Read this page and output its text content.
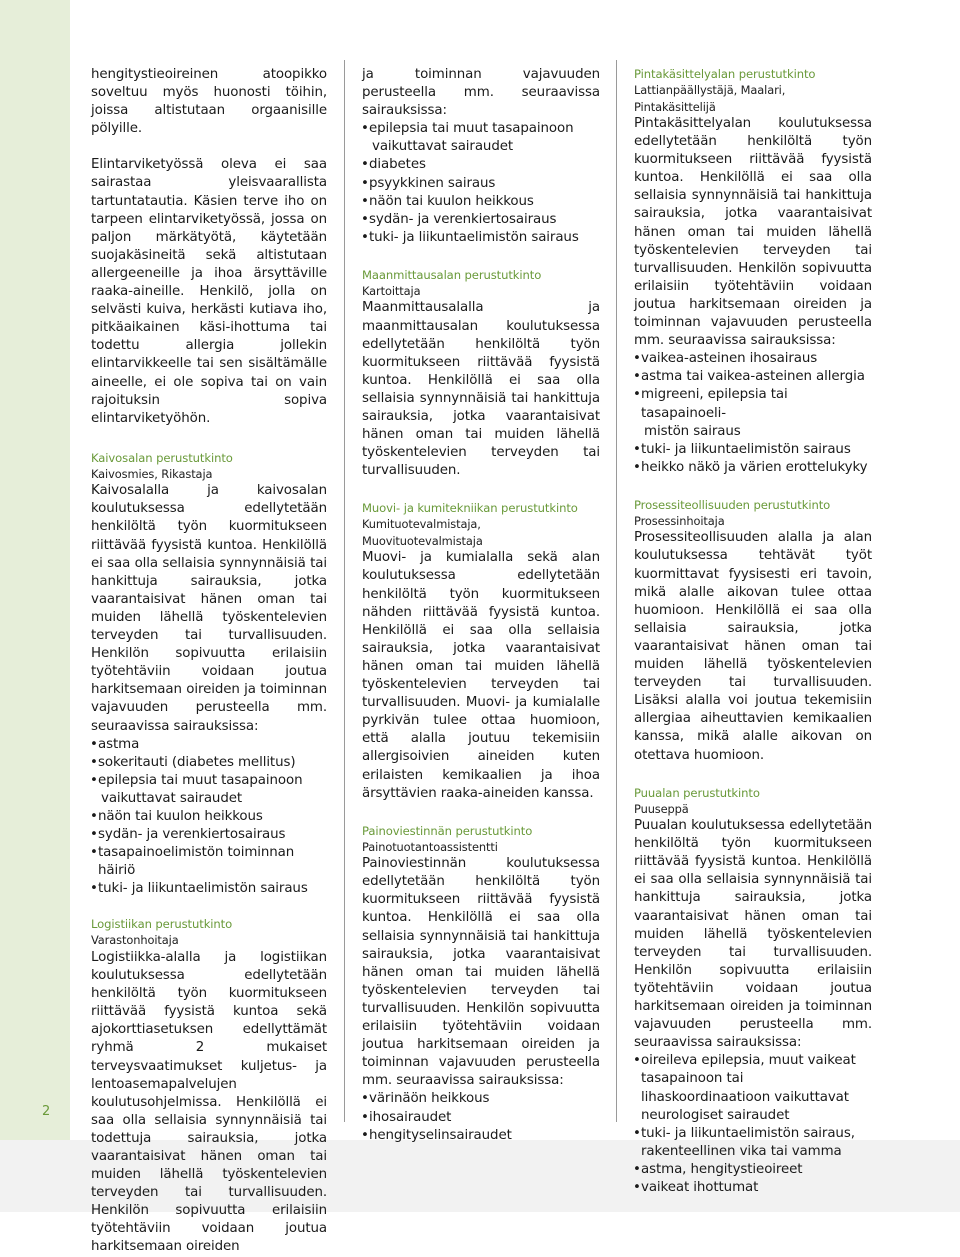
2

hengitystieoireinen atoopikko soveltuu myös huonosti töihin, joissa altistutaan orgaanisille pölyille.

Elintarviketyössä oleva ei saa sairastaa yleisvaarallista tartuntatautia. Käsien terve iho on tarpeen elintarviketyössä, jossa on paljon märkätyötä, käytetään suojakäsineitä sekä altistutaan allergeeneille ja ihoa ärsyttäville raaka-aineille. Henkilö, jolla on selvästi kuiva, herkästi kutiava iho, pitkäaikainen käsi-ihottuma tai todettu allergia jollekin elintarvikkeelle tai sen sisältämälle aineelle, ei ole sopiva tai on vain rajoituksin sopiva elintarviketyöhön.

Kaivosalan perustutkinto

Kaivosmies, Rikastaja

Kaivosalalla ja kaivosalan koulutuksessa edellytetään henkilöltä työn kuormitukseen riittävää fyysistä kuntoa. Henkilöllä ei saa olla sellaisia synnynnäisiä tai hankittuja sairauksia, jotka vaarantaisivat hänen oman tai muiden lähellä työskentelevien terveyden tai turvallisuuden. Henkilön sopivuutta erilaisiin työtehtäviin voidaan joutua harkitsemaan oireiden ja toiminnan vajavuuden perusteella mm. seuraavissa sairauksissa:

• astma
• sokeritauti (diabetes mellitus)
• epilepsia tai muut tasapainoon
vaikuttavat sairaudet
• näön tai kuulon heikkous
• sydän- ja verenkiertosairaus
• tasapainoelimistön toiminnan häiriö
• tuki- ja liikuntaelimistön sairaus

Logistiikan perustutkinto

Varastonhoitaja

Logistiikka-alalla ja logistiikan koulutuksessa edellytetään henkilöltä työn kuormitukseen riittävää fyysistä kuntoa sekä ajokorttiasetuksen edellyttämät ryhmä 2 mukaiset terveysvaatimukset kuljetus- ja lentoasemapalvelujen koulutusohjelmissa. Henkilöllä ei saa olla sellaisia synnynnäisiä tai todettuja sairauksia, jotka vaarantaisivat hänen oman tai muiden lähellä työskentelevien terveyden tai turvallisuuden. Henkilön sopivuutta erilaisiin työtehtäviin voidaan joutua harkitsemaan oireiden

ja toiminnan vajavuuden perusteella mm. seuraavissa sairauksissa:

• epilepsia tai muut tasapainoon
vaikuttavat sairaudet
• diabetes
• psyykkinen sairaus
• näön tai kuulon heikkous
• sydän- ja verenkiertosairaus
• tuki- ja liikuntaelimistön sairaus

Maanmittausalan perustutkinto

Kartoittaja

Maanmittausalalla ja maanmittausalan koulutuksessa edellytetään henkilöltä työn kuormitukseen riittävää fyysistä kuntoa. Henkilöllä ei saa olla sellaisia synnynnäisiä tai hankittuja sairauksia, jotka vaarantaisivat hänen oman tai muiden lähellä työskentelevien terveyden tai turvallisuuden.

Muovi- ja kumitekniikan perustutkinto

Kumituotevalmistaja,

Muovituotevalmistaja

Muovi- ja kumialalla sekä alan koulutuksessa edellytetään henkilöltä työn kuormitukseen nähden riittävää fyysistä kuntoa. Henkilöllä ei saa olla sellaisia sairauksia, jotka vaarantaisivat hänen oman tai muiden lähellä työskentelevien terveyden tai turvallisuuden. Muovi- ja kumialalle pyrkivän tulee ottaa huomioon, että alalla joutuu tekemisiin allergisoivien aineiden kuten erilaisten kemikaalien ja ihoa ärsyttävien raaka-aineiden kanssa.

Painoviestinnän perustutkinto

Painotuotantoassistentti

Painoviestinnän koulutuksessa edellytetään henkilöltä työn kuormitukseen riittävää fyysistä kuntoa. Henkilöllä ei saa olla sellaisia synnynnäisiä tai hankittuja sairauksia, jotka vaarantaisivat hänen oman tai muiden lähellä työskentelevien terveyden tai turvallisuuden. Henkilön sopivuutta erilaisiin työtehtäviin voidaan joutua harkitsemaan oireiden ja toiminnan vajavuuden perusteella mm. seuraavissa sairauksissa:

• värinäön heikkous
• ihosairaudet
• hengityselinsairaudet

Pintakäsittelyalan perustutkinto

Lattianpäällystäjä, Maalari,

Pintakäsittelijä

Pintakäsittelyalan koulutuksessa edellytetään henkilöltä työn kuormitukseen riittävää fyysistä kuntoa. Henkilöllä ei saa olla sellaisia synnynnäisiä tai hankittuja sairauksia, jotka vaarantaisivat hänen oman tai muiden lähellä työskentelevien terveyden tai turvallisuuden. Henkilön sopivuutta erilaisiin työtehtäviin voidaan joutua harkitsemaan oireiden ja toiminnan vajavuuden perusteella mm. seuraavissa sairauksissa:

• vaikea-asteinen ihosairaus
• astma tai vaikea-asteinen allergia
• migreeni, epilepsia tai tasapainoeli-
mistön sairaus
• tuki- ja liikuntaelimistön sairaus
• heikko näkö ja värien erottelukyky

Prosessiteollisuuden perustutkinto

Prosessinhoitaja

Prosessiteollisuuden alalla ja alan koulutuksessa tehtävät työt kuormittavat fyysisesti eri tavoin, mikä alalle aikovan tulee ottaa huomioon. Henkilöllä ei saa olla sellaisia sairauksia, jotka vaarantaisivat hänen oman tai muiden lähellä työskentelevien terveyden tai turvallisuuden. Lisäksi alalla voi joutua tekemisiin allergiaa aiheuttavien kemikaalien kanssa, mikä alalle aikovan on otettava huomioon.

Puualan perustutkinto

Puuseppä

Puualan koulutuksessa edellytetään henkilöltä työn kuormitukseen riittävää fyysistä kuntoa. Henkilöllä ei saa olla sellaisia synnynnäisiä tai hankittuja sairauksia, jotka vaarantaisivat hänen oman tai muiden lähellä työskentelevien terveyden tai turvallisuuden. Henkilön sopivuutta erilaisiin työtehtäviin voidaan joutua harkitsemaan oireiden ja toiminnan vajavuuden perusteella mm. seuraavissa sairauksissa:

• oireileva epilepsia, muut vaikeat tasapainoon tai lihaskoordinaatioon vaikuttavat neurologiset sairaudet
• tuki- ja liikuntaelimistön sairaus, rakenteellinen vika tai vamma
• astma, hengitystieoireet
• vaikeat ihottumat
